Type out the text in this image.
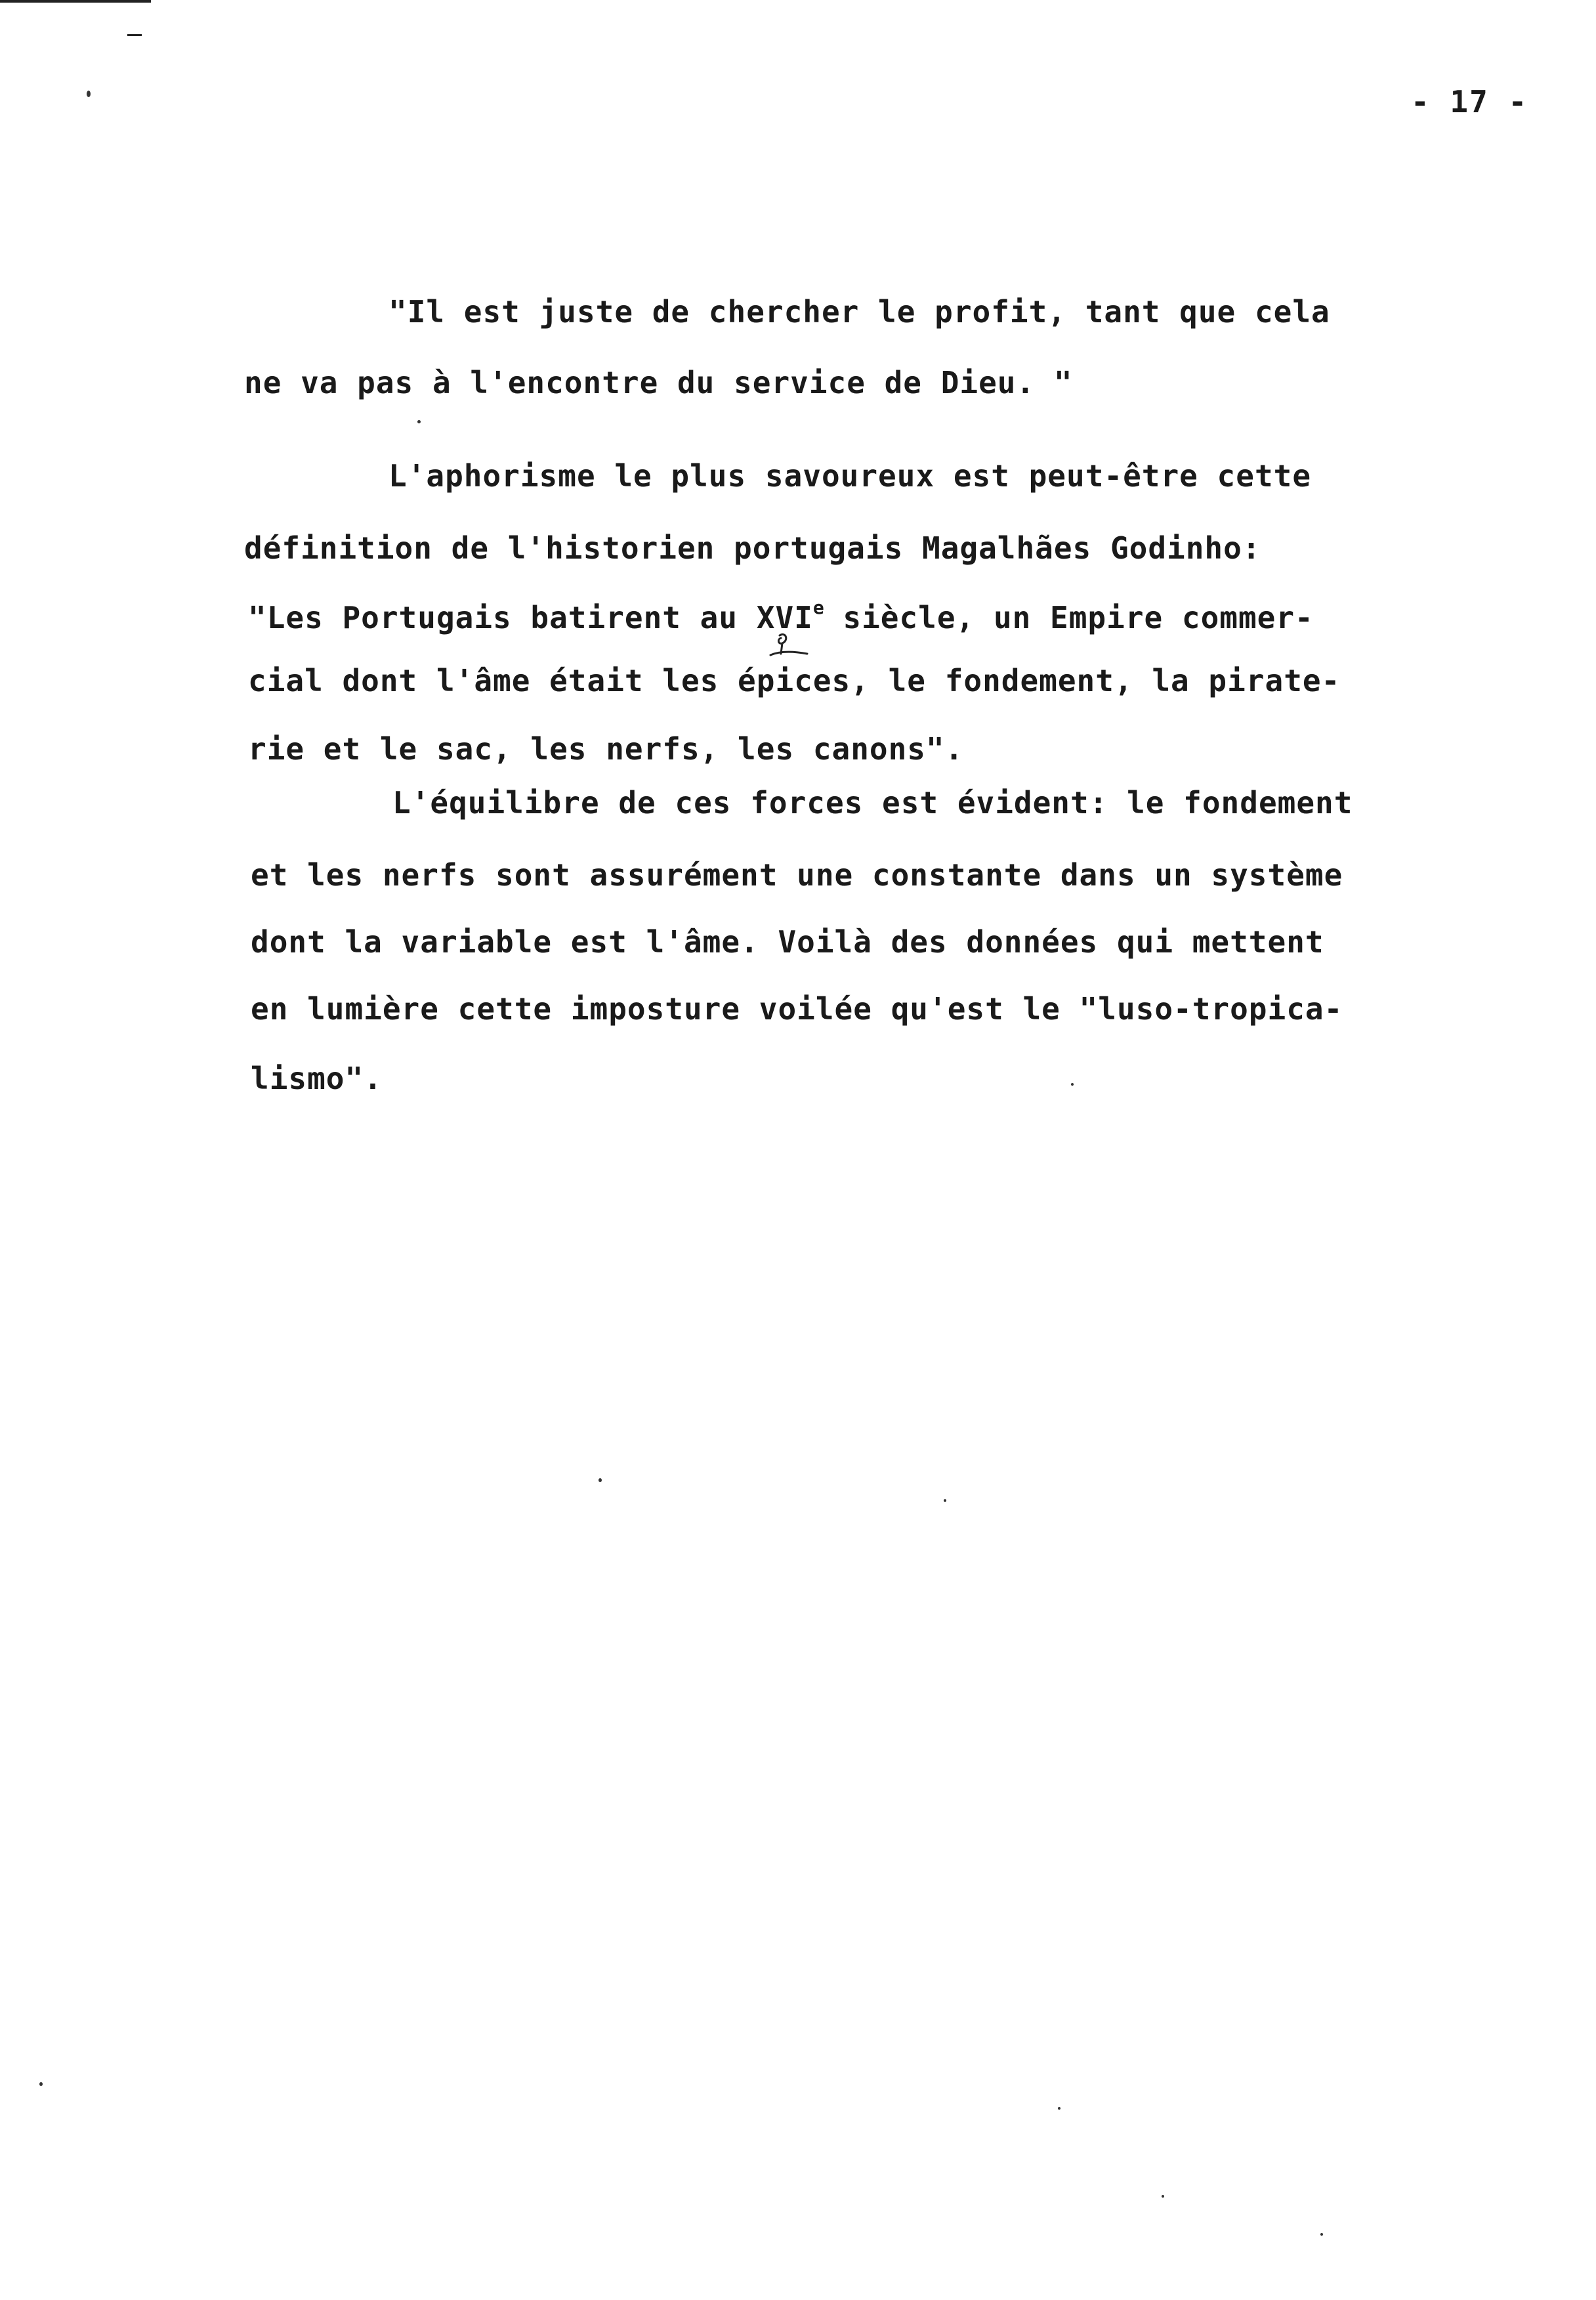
- 17 -
"Il est juste de chercher le profit, tant que cela
ne va pas à l'encontre du service de Dieu. "
L'aphorisme le plus savoureux est peut-être cette
définition de l'historien portugais Magalhães Godinho:
"Les Portugais batirent au XVIe siècle, un Empire commer-
cial dont l'âme était les épices, le fondement, la pirate-
rie et le sac, les nerfs, les canons".
L'équilibre de ces forces est évident: le fondement
et les nerfs sont assurément une constante dans un système
dont la variable est l'âme. Voilà des données qui mettent
en lumière cette imposture voilée qu'est le "luso-tropica-
lismo".
